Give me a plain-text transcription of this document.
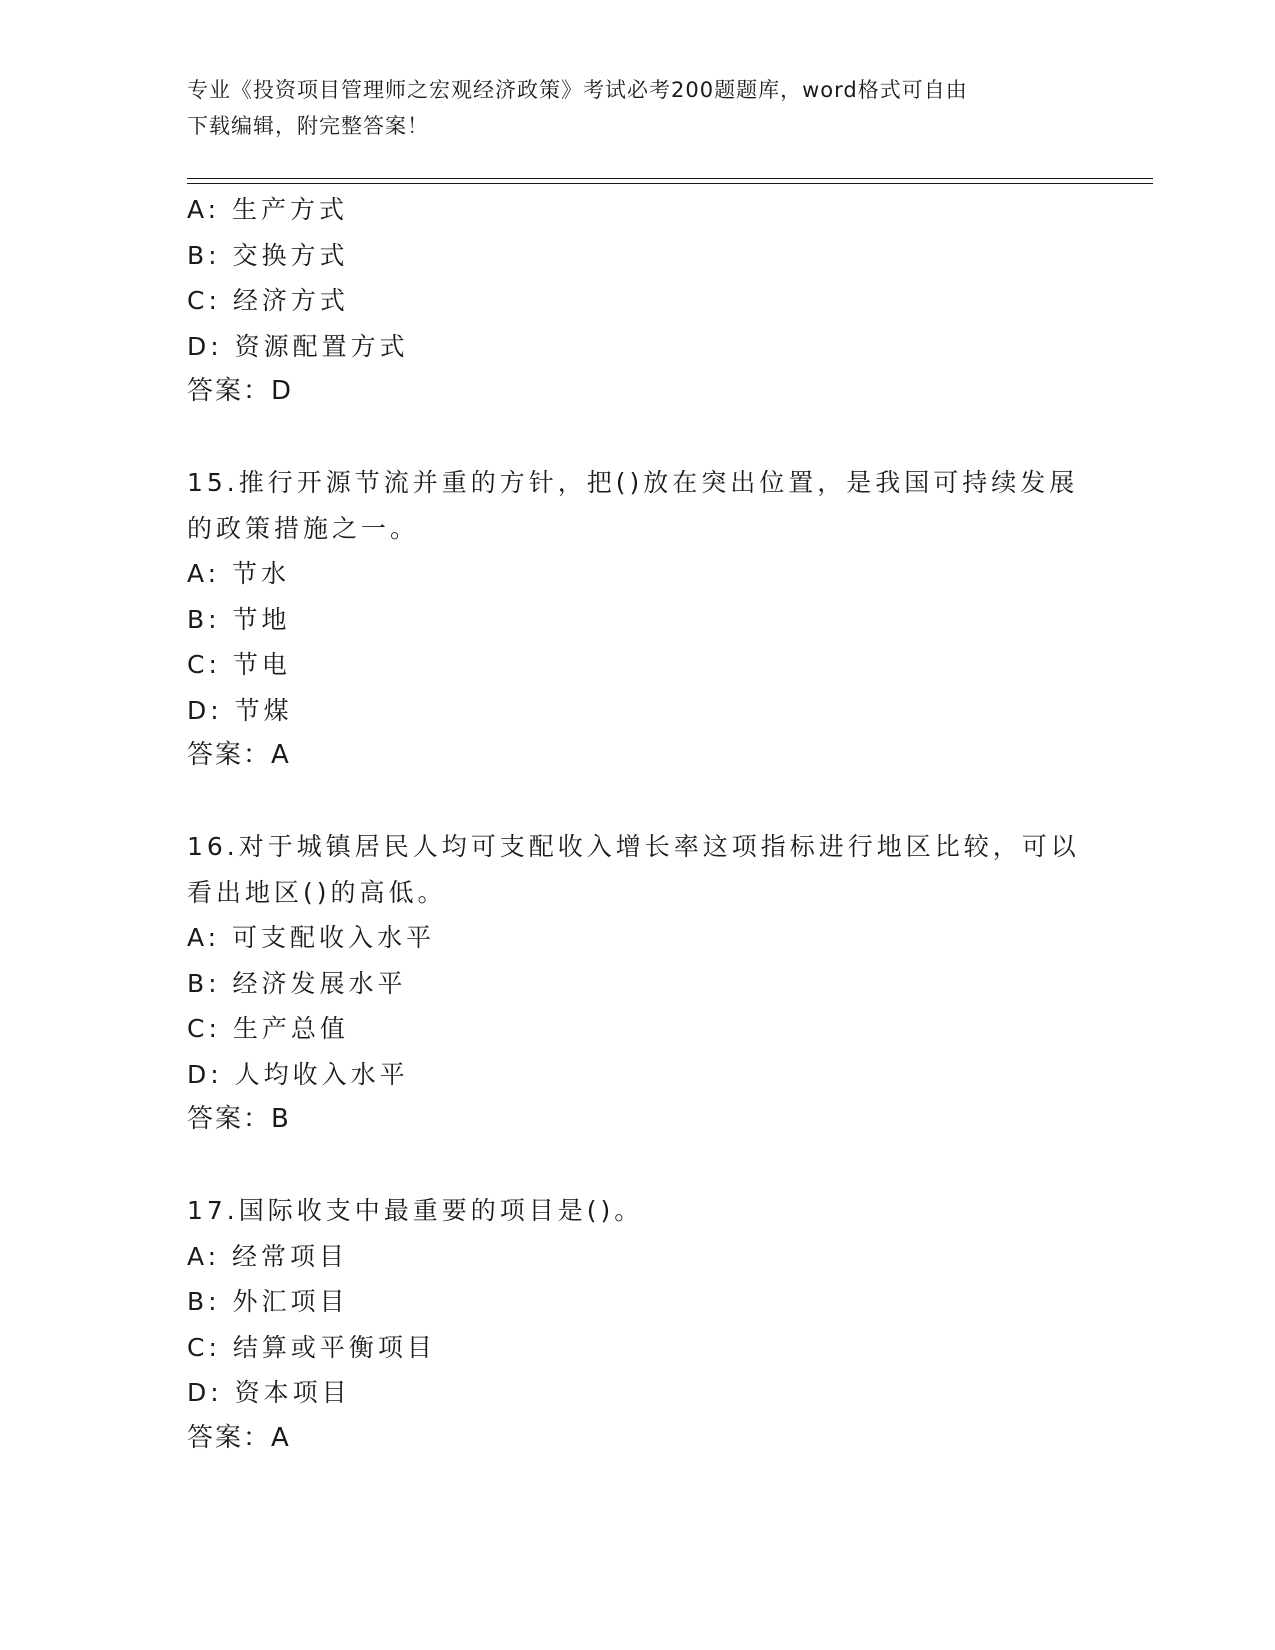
专业《投资项目管理师之宏观经济政策》考试必考200题题库，word格式可自由
下载编辑，附完整答案！
A: 生产方式
B: 交换方式
C: 经济方式
D: 资源配置方式
答案：D
15.推行开源节流并重的方针，把()放在突出位置，是我国可持续发展
的政策措施之一。
A: 节水
B: 节地
C: 节电
D: 节煤
答案：A
16.对于城镇居民人均可支配收入增长率这项指标进行地区比较，可以
看出地区()的高低。
A: 可支配收入水平
B: 经济发展水平
C: 生产总值
D: 人均收入水平
答案：B
17.国际收支中最重要的项目是()。
A: 经常项目
B: 外汇项目
C: 结算或平衡项目
D: 资本项目
答案：A
